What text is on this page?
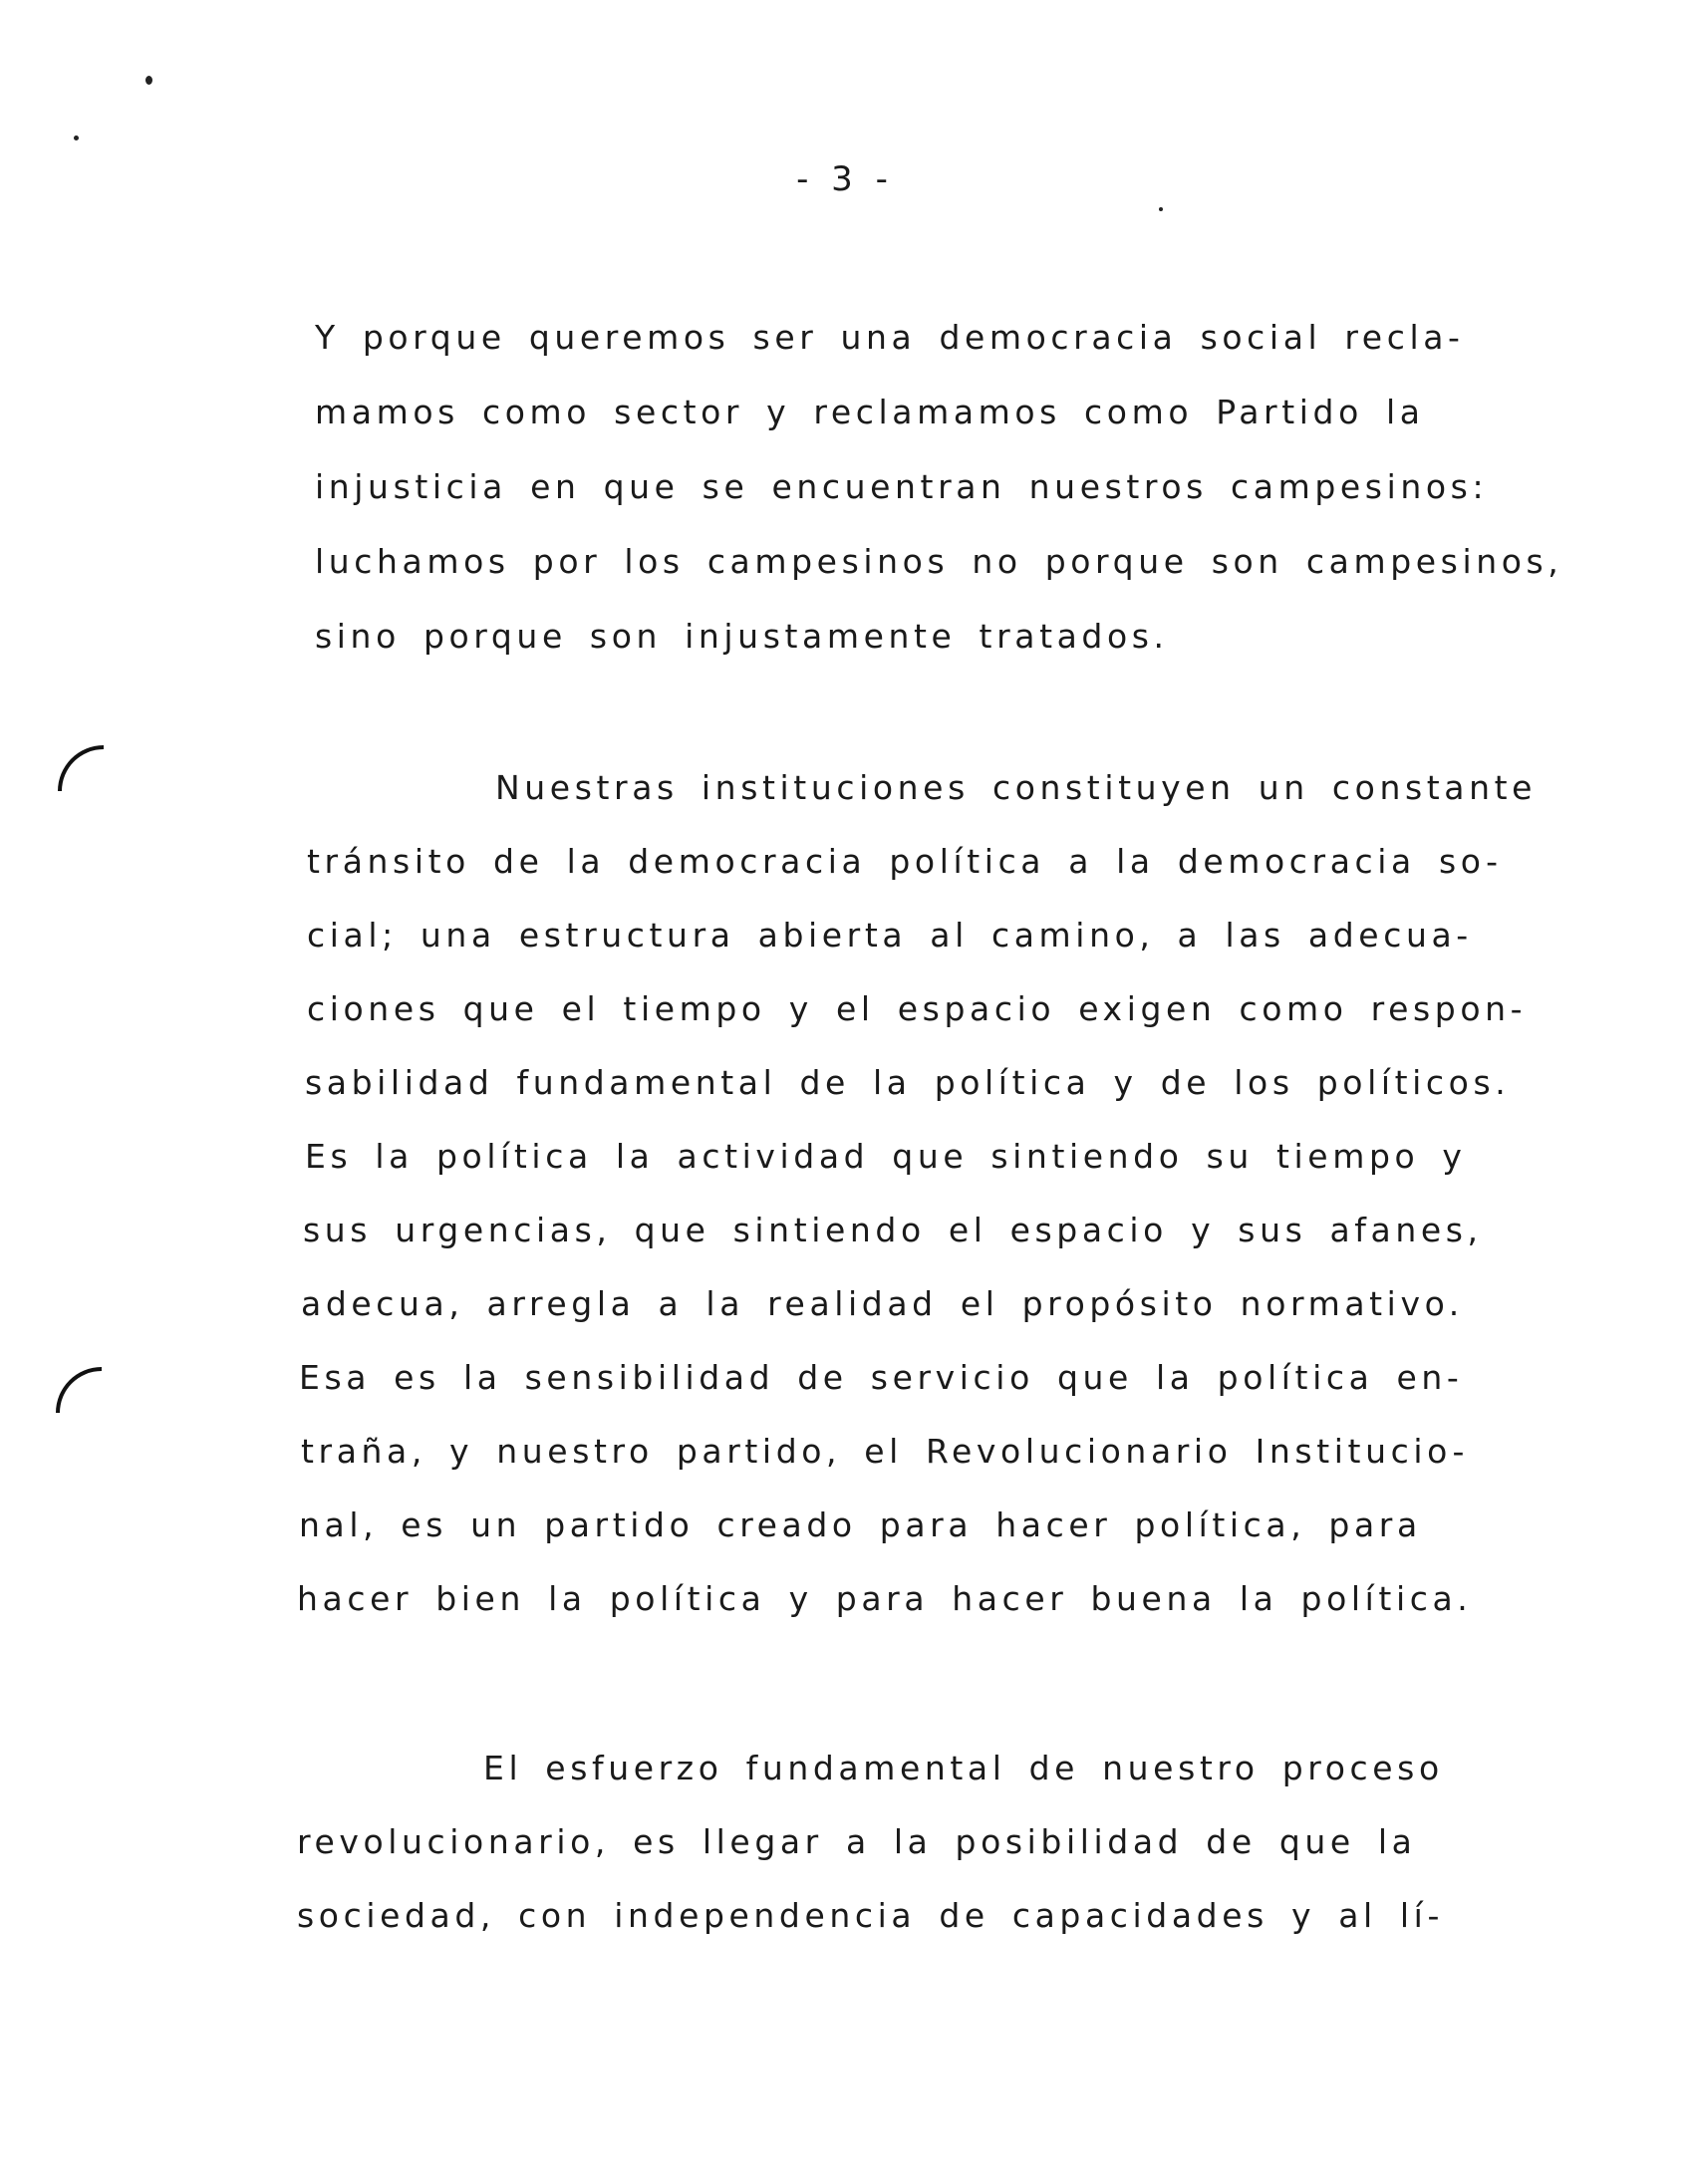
- 3 -
Y porque queremos ser una democracia social recla-
mamos como sector y reclamamos como Partido la
injusticia en que se encuentran nuestros campesinos:
luchamos por los campesinos no porque son campesinos,
sino porque son injustamente tratados.
Nuestras instituciones constituyen un constante
tránsito de la democracia política a la democracia so-
cial; una estructura abierta al camino, a las adecua-
ciones que el tiempo y el espacio exigen como respon-
sabilidad fundamental de la política y de los políticos.
Es la política la actividad que sintiendo su tiempo y
sus urgencias, que sintiendo el espacio y sus afanes,
adecua, arregla a la realidad el propósito normativo.
Esa es la sensibilidad de servicio que la política en-
traña, y nuestro partido, el Revolucionario Institucio-
nal, es un partido creado para hacer política, para
hacer bien la política y para hacer buena la política.
El esfuerzo fundamental de nuestro proceso
revolucionario, es llegar a la posibilidad de que la
sociedad, con independencia de capacidades y al lí-
